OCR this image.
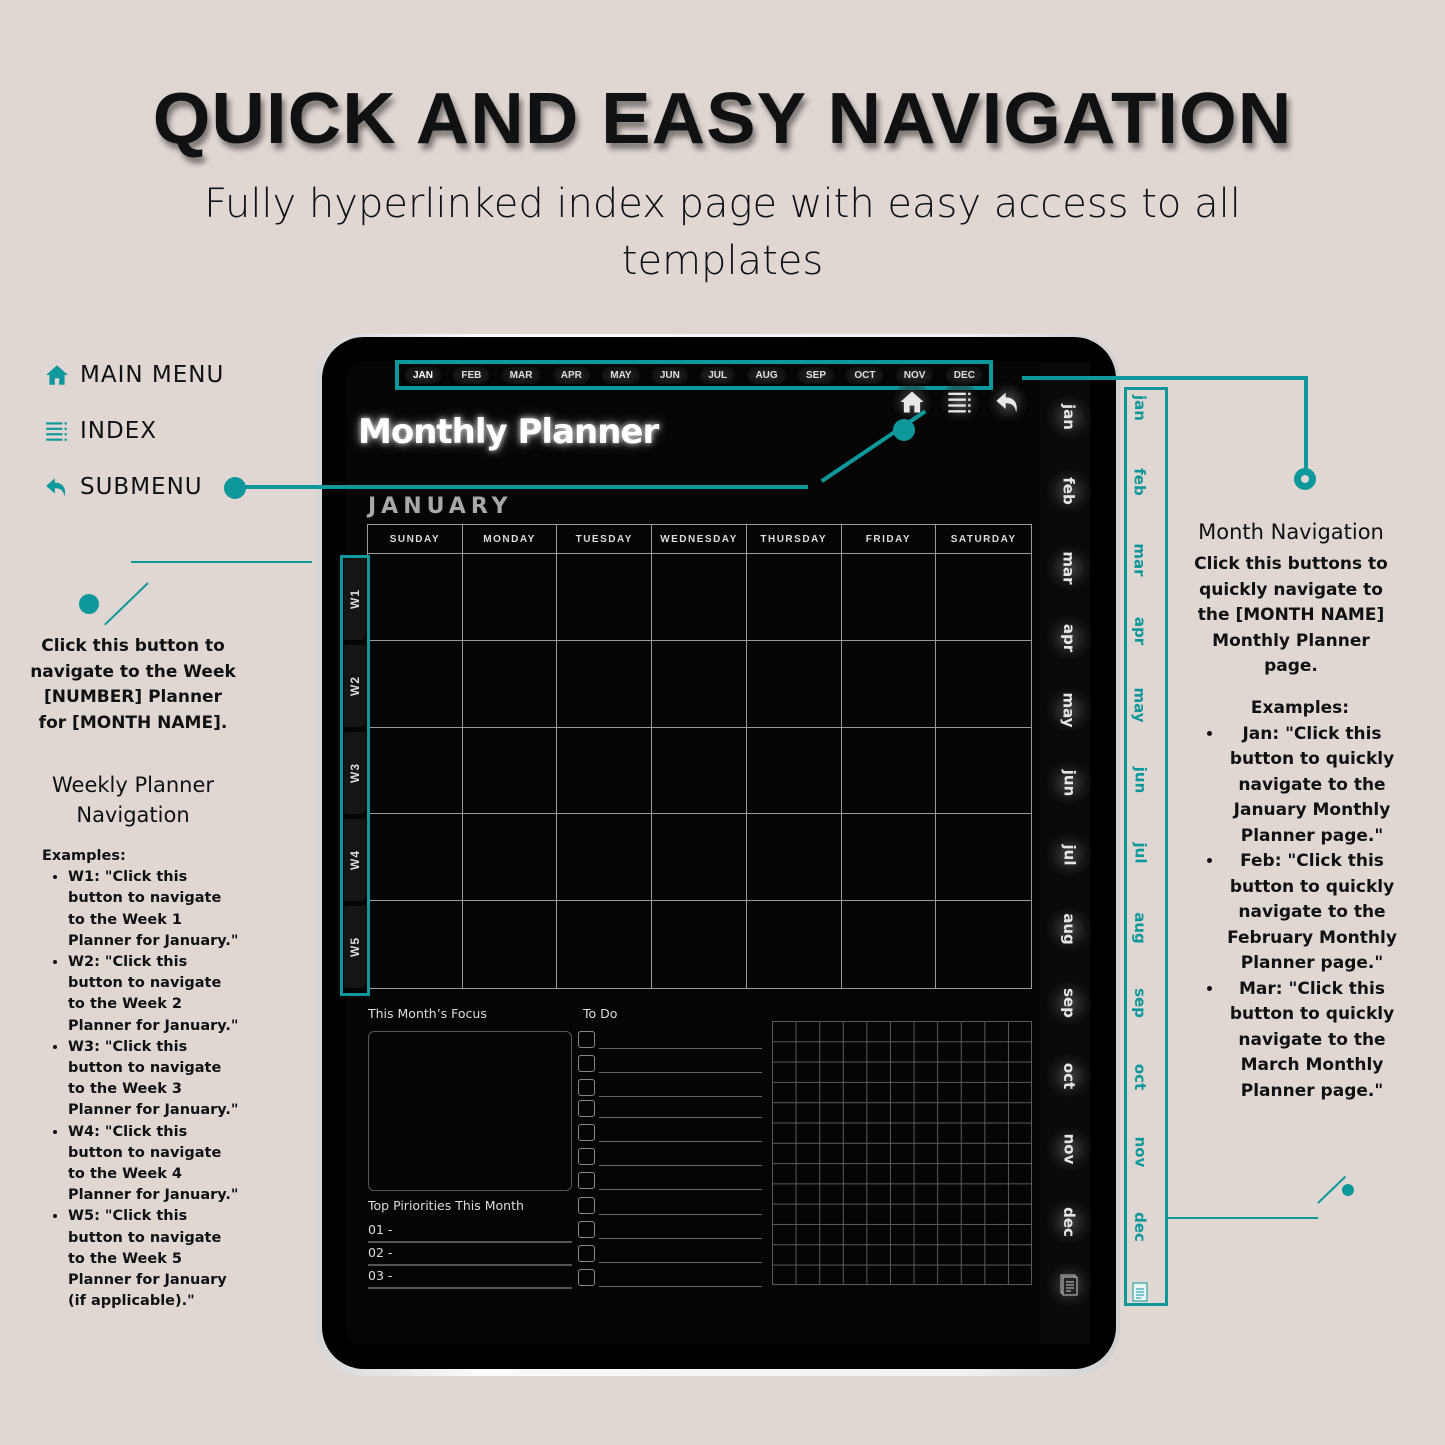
QUICK AND EASY NAVIGATION
Fully hyperlinked index page with easy access to all templates
MAIN MENU
INDEX
SUBMENU
JAN	FEB	MAR	APR	MAY	JUN	JUL	AUG	SEP	OCT	NOV	DEC
Monthly Planner
JANUARY
SUNDAY	MONDAY	TUESDAY	WEDNESDAY	THURSDAY	FRIDAY	SATURDAY
W1
W2
W3
W4
W5
jan
feb
mar
apr
may
jun
jul
aug
sep
oct
nov
dec
jan
feb
mar
apr
may
jun
jul
aug
sep
oct
nov
dec
This Month’s Focus
Top Piriorities This Month
01 -
02 -
03 -
To Do
Click this button to navigate to the Week [NUMBER] Planner for [MONTH NAME].
Weekly Planner Navigation
Examples:
• W1: "Click this button to navigate to the Week 1 Planner for January."
• W2: "Click this button to navigate to the Week 2 Planner for January."
• W3: "Click this button to navigate to the Week 3 Planner for January."
• W4: "Click this button to navigate to the Week 4 Planner for January."
• W5: "Click this button to navigate to the Week 5 Planner for January (if applicable)."
Month Navigation
Click this buttons to quickly navigate to the [MONTH NAME] Monthly Planner page.
Examples:
• Jan: "Click this button to quickly navigate to the January Monthly Planner page."
• Feb: "Click this button to quickly navigate to the February Monthly Planner page."
• Mar: "Click this button to quickly navigate to the March Monthly Planner page."
